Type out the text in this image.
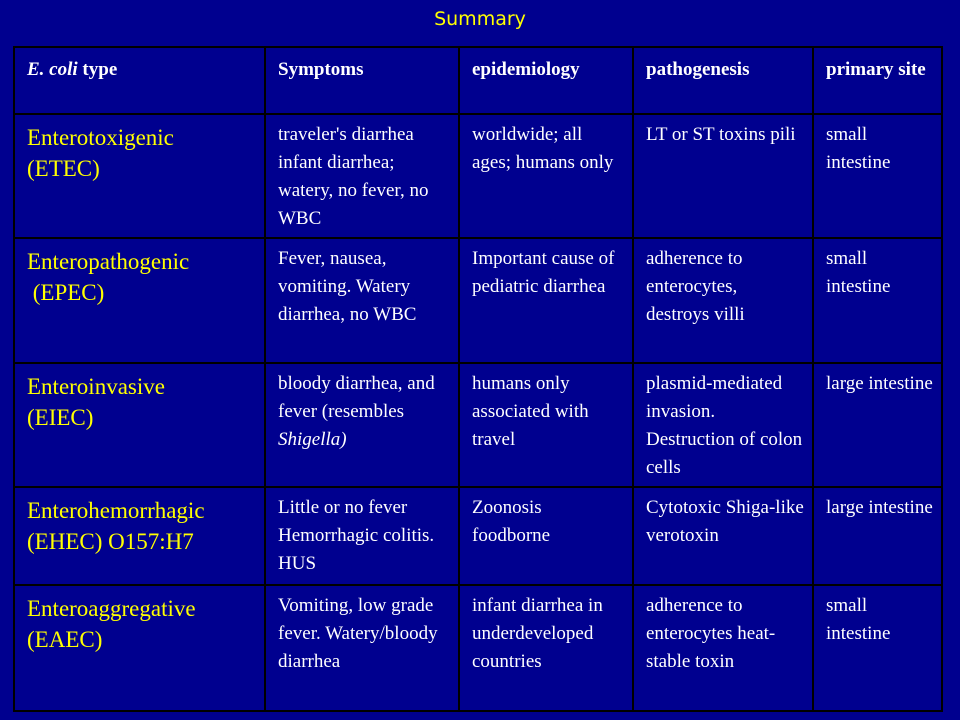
Summary
E. coli type	Symptoms	epidemiology	pathogenesis	primary site

Enterotoxigenic
(ETEC)	traveler's diarrhea infant diarrhea; watery, no fever, no WBC	worldwide; all ages; humans only	LT or ST toxins pili	small intestine

Enteropathogenic
(EPEC)	Fever, nausea, vomiting. Watery diarrhea, no WBC	Important cause of pediatric diarrhea	adherence to enterocytes, destroys villi	small intestine

Enteroinvasive
(EIEC)	bloody diarrhea, and fever (resembles Shigella)	humans only associated with travel	plasmid-mediated invasion. Destruction of colon cells	large intestine

Enterohemorrhagic
(EHEC) O157:H7	Little or no fever Hemorrhagic colitis. HUS	Zoonosis foodborne	Cytotoxic Shiga-like verotoxin	large intestine

Enteroaggregative
(EAEC)	Vomiting, low grade fever. Watery/bloody diarrhea	infant diarrhea in underdeveloped countries	adherence to enterocytes heat-stable toxin	small intestine
